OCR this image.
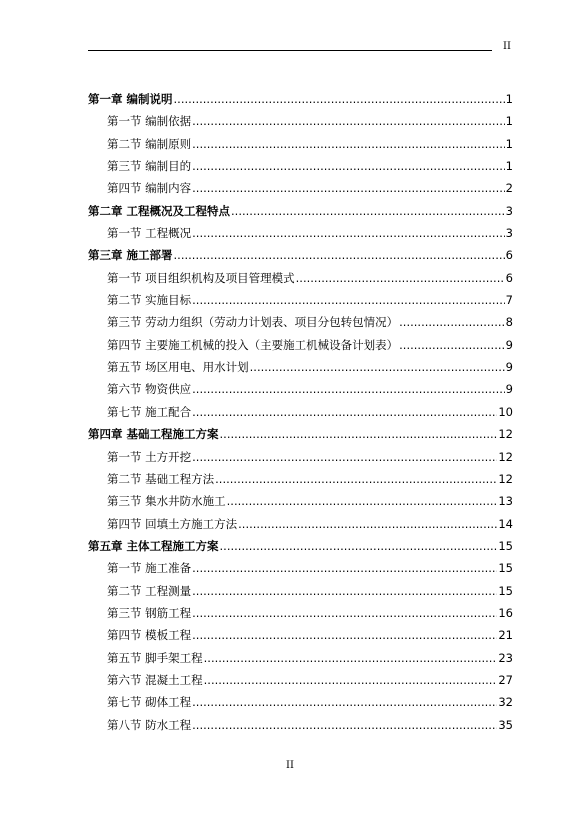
II
第一章 编制说明 .....	1
第一节 编制依据 .....	1
第二节 编制原则 .....	1
第三节 编制目的 .....	1
第四节 编制内容 .....	2
第二章 工程概况及工程特点 .....	3
第一节 工程概况 .....	3
第三章 施工部署 .....	6
第一节 项目组织机构及项目管理模式 .....	6
第二节 实施目标 .....	7
第三节 劳动力组织（劳动力计划表、项目分包转包情况） .....	8
第四节 主要施工机械的投入（主要施工机械设备计划表） .....	9
第五节 场区用电、用水计划 .....	9
第六节 物资供应 .....	9
第七节 施工配合 .....	10
第四章 基础工程施工方案 .....	12
第一节 土方开挖 .....	12
第二节 基础工程方法 .....	12
第三节 集水井防水施工 .....	13
第四节 回填土方施工方法 .....	14
第五章 主体工程施工方案 .....	15
第一节 施工准备 .....	15
第二节 工程测量 .....	15
第三节 钢筋工程 .....	16
第四节 模板工程 .....	21
第五节 脚手架工程 .....	23
第六节 混凝土工程 .....	27
第七节 砌体工程 .....	32
第八节 防水工程 .....	35
II
